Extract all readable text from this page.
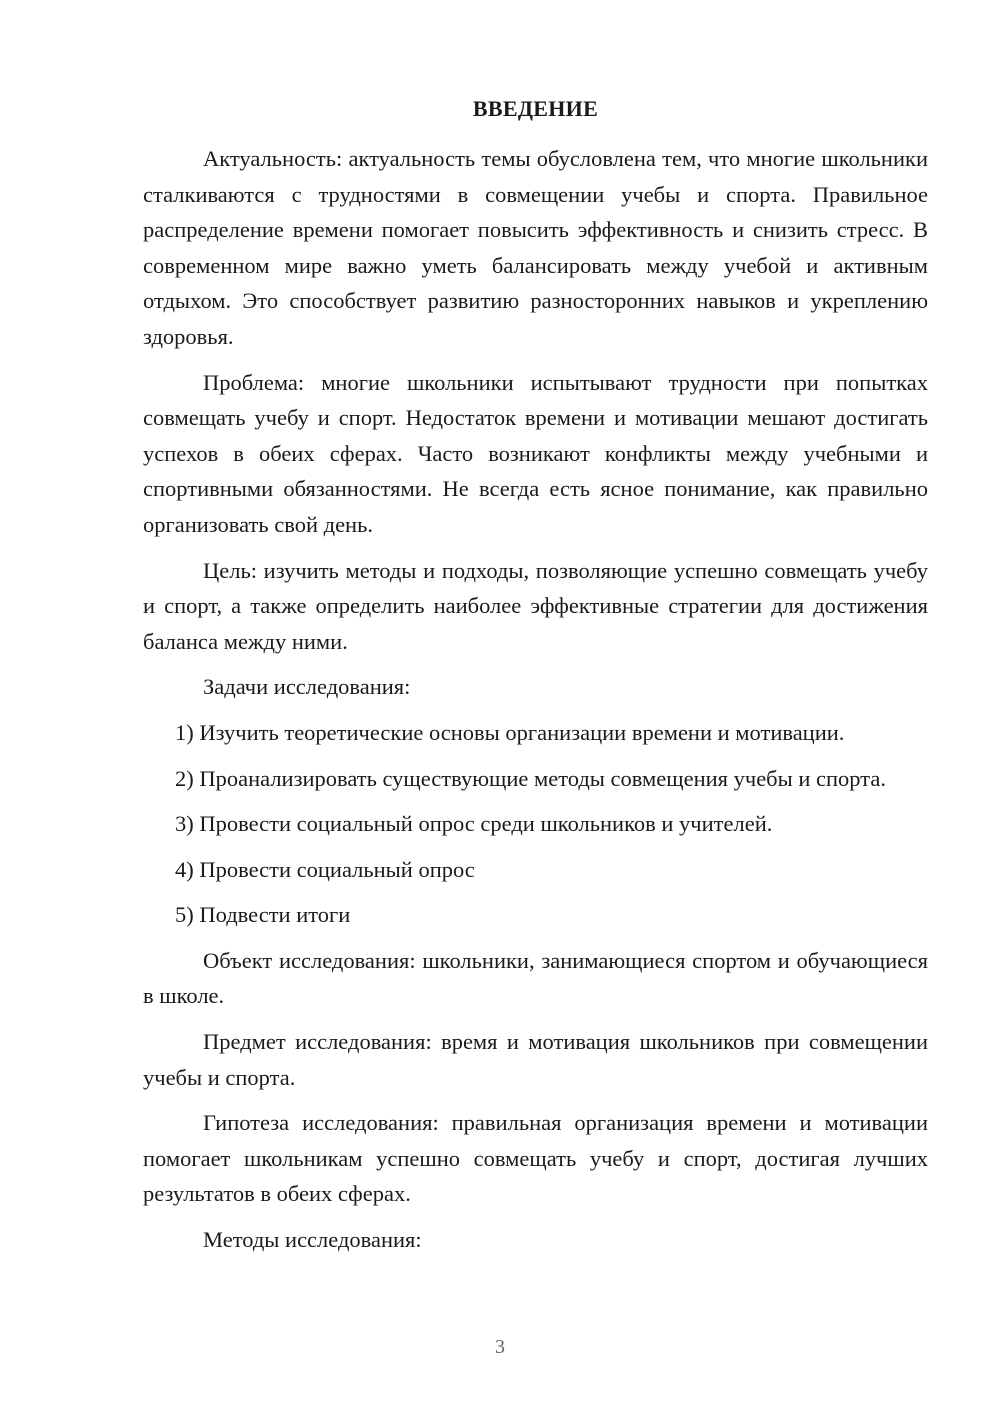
ВВЕДЕНИЕ

Актуальность: актуальность темы обусловлена тем, что многие школьники сталкиваются с трудностями в совмещении учебы и спорта. Правильное распределение времени помогает повысить эффективность и снизить стресс. В современном мире важно уметь балансировать между учебой и активным отдыхом. Это способствует развитию разносторонних навыков и укреплению здоровья.

Проблема: многие школьники испытывают трудности при попытках совмещать учебу и спорт. Недостаток времени и мотивации мешают достигать успехов в обеих сферах. Часто возникают конфликты между учебными и спортивными обязанностями. Не всегда есть ясное понимание, как правильно организовать свой день.

Цель: изучить методы и подходы, позволяющие успешно совмещать учебу и спорт, а также определить наиболее эффективные стратегии для достижения баланса между ними.

Задачи исследования:

1) Изучить теоретические основы организации времени и мотивации.

2) Проанализировать существующие методы совмещения учебы и спорта.

3) Провести социальный опрос среди школьников и учителей.

4) Провести социальный опрос

5) Подвести итоги

Объект исследования: школьники, занимающиеся спортом и обучающиеся в школе.

Предмет исследования: время и мотивация школьников при совмещении учебы и спорта.

Гипотеза исследования: правильная организация времени и мотивации помогает школьникам успешно совмещать учебу и спорт, достигая лучших результатов в обеих сферах.

Методы исследования:

3
